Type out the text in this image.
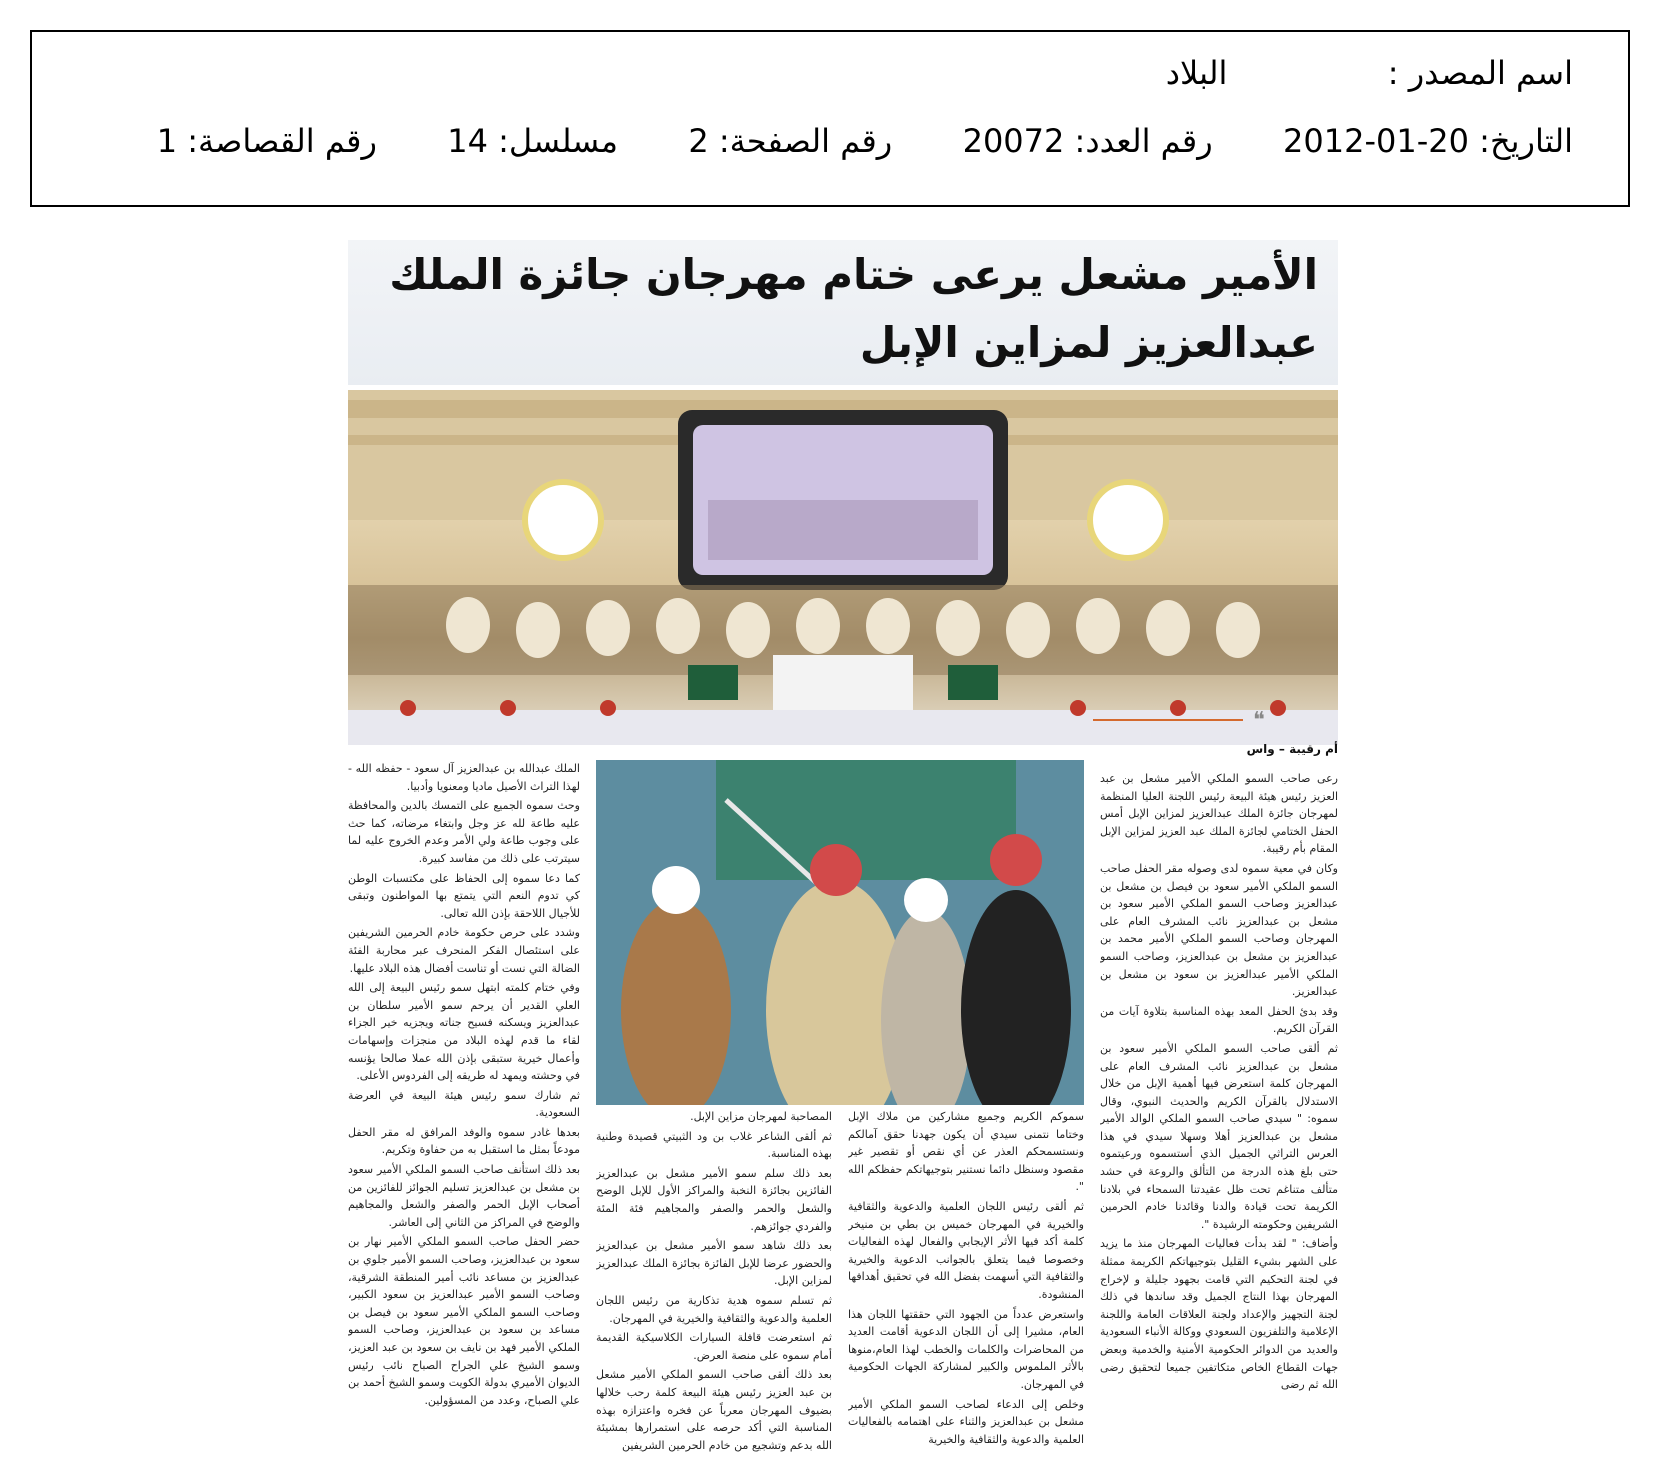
اسم المصدر :  البلاد
التاريخ: 2012-01-20  رقم العدد: 20072  رقم الصفحة: 2  مسلسل: 14  رقم القصاصة: 1
الأمير مشعل يرعى ختام مهرجان جائزة الملك
عبدالعزيز لمزاين الإبل
❝
أم رقيبة – واس

رعى صاحب السمو الملكي الأمير مشعل بن عبد العزيز رئيس هيئة البيعة رئيس اللجنة العليا المنظمة لمهرجان جائزة الملك عبدالعزيز لمزاين الإبل أمس الحفل الختامي لجائزة الملك عبد العزيز لمزاين الإبل المقام بأم رقيبة.

وكان في معية سموه لدى وصوله مقر الحفل صاحب السمو الملكي الأمير سعود بن فيصل بن مشعل بن عبدالعزيز وصاحب السمو الملكي الأمير سعود بن مشعل بن عبدالعزيز نائب المشرف العام على المهرجان وصاحب السمو الملكي الأمير محمد بن عبدالعزيز بن مشعل بن عبدالعزيز، وصاحب السمو الملكي الأمير عبدالعزيز بن سعود بن مشعل بن عبدالعزيز.

وقد بدئ الحفل المعد بهذه المناسبة بتلاوة آيات من القرآن الكريم.

ثم ألقى صاحب السمو الملكي الأمير سعود بن مشعل بن عبدالعزيز نائب المشرف العام على المهرجان كلمة استعرض فيها أهمية الإبل من خلال الاستدلال بالقرآن الكريم والحديث النبوي، وقال سموه: " سيدي صاحب السمو الملكي الوالد الأمير مشعل بن عبدالعزيز أهلا وسهلا سيدي في هذا العرس التراثي الجميل الذي أستسموه ورعيتموه حتى بلغ هذه الدرجة من التألق والروعة في حشد متألف متناغم تحت ظل عقيدتنا السمحاء في بلادنا الكريمة تحت قيادة والدنا وقائدنا خادم الحرمين الشريفين وحكومته الرشيدة ".

وأضاف: " لقد بدأت فعاليات المهرجان منذ ما يزيد على الشهر بشيء القليل بتوجيهاتكم الكريمة ممثلة في لجنة التحكيم التي قامت بجهود جليلة و لإخراج المهرجان بهذا النتاج الجميل وقد ساندها في ذلك لجنة التجهيز والإعداد ولجنة العلاقات العامة واللجنة الإعلامية والتلفزيون السعودي ووكالة الأنباء السعودية والعديد من الدوائر الحكومية الأمنية والخدمية وبعض جهات القطاع الخاص متكاتفين جميعا لتحقيق رضى الله ثم رضى

سموكم الكريم وجميع مشاركين من ملاك الإبل وختاما نتمنى سيدي أن يكون جهدنا حقق آمالكم ونستسمحكم العذر عن أي نقص أو تقصير غير مقصود وسنظل دائما نستنير بتوجيهاتكم حفظكم الله ".

ثم ألقى رئيس اللجان العلمية والدعوية والثقافية والخيرية في المهرجان خميس بن بطي بن منيخر كلمة أكد فيها الأثر الإيجابي والفعال لهذه الفعاليات وخصوصا فيما يتعلق بالجوانب الدعوية والخيرية والثقافية التي أسهمت بفضل الله في تحقيق أهدافها المنشودة.

واستعرض عدداً من الجهود التي حققتها اللجان هذا العام، مشيرا إلى أن اللجان الدعوية أقامت العديد من المحاضرات والكلمات والخطب لهذا العام،منوها بالأثر الملموس والكبير لمشاركة الجهات الحكومية في المهرجان.

وخلص إلى الدعاء لصاحب السمو الملكي الأمير مشعل بن عبدالعزيز والثناء على اهتمامه بالفعاليات العلمية والدعوية والثقافية والخيرية

المصاحبة لمهرجان مزاين الإبل.

ثم ألقى الشاعر غلاب بن ود الثبيتي قصيدة وطنية بهذه المناسبة.

بعد ذلك سلم سمو الأمير مشعل بن عبدالعزيز الفائزين بجائزة النخبة والمراكز الأول للإبل الوضح والشعل والحمر والصفر والمجاهيم فئة المئة والفردي جوائزهم.

بعد ذلك شاهد سمو الأمير مشعل بن عبدالعزيز والحضور عرضا للإبل الفائزة بجائزة الملك عبدالعزيز لمزاين الإبل.

ثم تسلم سموه هدية تذكارية من رئيس اللجان العلمية والدعوية والثقافية والخيرية في المهرجان.

ثم استعرضت قافلة السيارات الكلاسيكية القديمة أمام سموه على منصة العرض.

بعد ذلك ألقى صاحب السمو الملكي الأمير مشعل بن عبد العزيز رئيس هيئة البيعة كلمة رحب خلالها بضيوف المهرجان معرباً عن فخره واعتزازه بهذه المناسبة التي أكد حرصه على استمرارها بمشيئة الله بدعم وتشجيع من خادم الحرمين الشريفين

الملك عبدالله بن عبدالعزيز آل سعود - حفظه الله - لهذا التراث الأصيل ماديا ومعنويا وأدبيا.

وحث سموه الجميع على التمسك بالدين والمحافظة عليه طاعة لله عز وجل وابتغاء مرضاته، كما حث على وجوب طاعة ولي الأمر وعدم الخروج عليه لما سيترتب على ذلك من مفاسد كبيرة.

كما دعا سموه إلى الحفاظ على مكتسبات الوطن كي تدوم النعم التي يتمتع بها المواطنون وتبقى للأجيال اللاحقة بإذن الله تعالى.

وشدد على حرص حكومة خادم الحرمين الشريفين على استئصال الفكر المنحرف عبر محاربة الفئة الضالة التي نست أو تناست أفضال هذه البلاد عليها.

وفي ختام كلمته ابتهل سمو رئيس البيعة إلى الله العلي القدير أن يرحم سمو الأمير سلطان بن عبدالعزيز ويسكنه فسيح جناته ويجزيه خير الجزاء لقاء ما قدم لهذه البلاد من منجزات وإسهامات وأعمال خيرية ستبقى بإذن الله عملا صالحا يؤنسه في وحشته ويمهد له طريقه إلى الفردوس الأعلى.

ثم شارك سمو رئيس هيئة البيعة في العرضة السعودية.

بعدها غادر سموه والوفد المرافق له مقر الحفل مودعاً بمثل ما استقبل به من حفاوة وتكريم.

بعد ذلك استأنف صاحب السمو الملكي الأمير سعود بن مشعل بن عبدالعزيز تسليم الجوائز للفائزين من أصحاب الإبل الحمر والصفر والشعل والمجاهيم والوضح في المراكز من الثاني إلى العاشر.

حضر الحفل صاحب السمو الملكي الأمير نهار بن سعود بن عبدالعزيز، وصاحب السمو الأمير جلوي بن عبدالعزيز بن مساعد نائب أمير المنطقة الشرقية، وصاحب السمو الأمير عبدالعزيز بن سعود الكبير، وصاحب السمو الملكي الأمير سعود بن فيصل بن مساعد بن سعود بن عبدالعزيز، وصاحب السمو الملكي الأمير فهد بن نايف بن سعود بن عبد العزيز، وسمو الشيخ علي الجراح الصباح نائب رئيس الديوان الأميري بدولة الكويت وسمو الشيخ أحمد بن علي الصباح، وعدد من المسؤولين.
